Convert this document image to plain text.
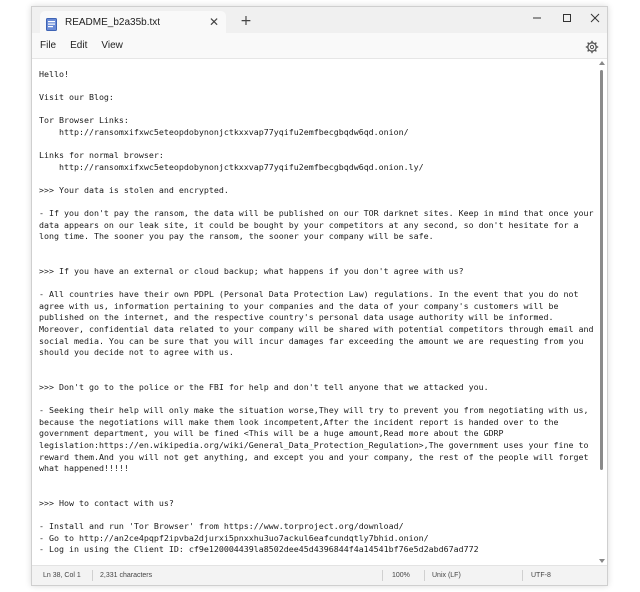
README_b2a35b.txt	✕ +
File Edit View
Hello!

Visit our Blog:

Tor Browser Links:
http://ransomxifxwc5eteopdobynonjctkxxvap77yqifu2emfbecgbqdw6qd.onion/

Links for normal browser:
http://ransomxifxwc5eteopdobynonjctkxxvap77yqifu2emfbecgbqdw6qd.onion.ly/

>>> Your data is stolen and encrypted.

- If you don't pay the ransom, the data will be published on our TOR darknet sites. Keep in mind that once your data appears on our leak site, it could be bought by your competitors at any second, so don't hesitate for a long time. The sooner you pay the ransom, the sooner your company will be safe.

>>> If you have an external or cloud backup; what happens if you don't agree with us?

- All countries have their own PDPL (Personal Data Protection Law) regulations. In the event that you do not agree with us, information pertaining to your companies and the data of your company's customers will be published on the internet, and the respective country's personal data usage authority will be informed. Moreover, confidential data related to your company will be shared with potential competitors through email and social media. You can be sure that you will incur damages far exceeding the amount we are requesting from you should you decide not to agree with us.

>>> Don't go to the police or the FBI for help and don't tell anyone that we attacked you.

- Seeking their help will only make the situation worse,They will try to prevent you from negotiating with us, because the negotiations will make them look incompetent,After the incident report is handed over to the government department, you will be fined <This will be a huge amount,Read more about the GDRP legislation:https://en.wikipedia.org/wiki/General_Data_Protection_Regulation>,The government uses your fine to reward them.And you will not get anything, and except you and your company, the rest of the people will forget what happened!!!!!

>>> How to contact with us?

- Install and run 'Tor Browser' from https://www.torproject.org/download/
- Go to http://an2ce4pqpf2ipvba2djurxi5pnxxhu3uo7ackul6eafcundqtly7bhid.onion/
- Log in using the Client ID: cf9e120004439la8502dee45d4396844f4a14541bf76e5d2abd67ad772
Ln 38, Col 1	2,331 characters	100%	Unix (LF)	UTF-8
